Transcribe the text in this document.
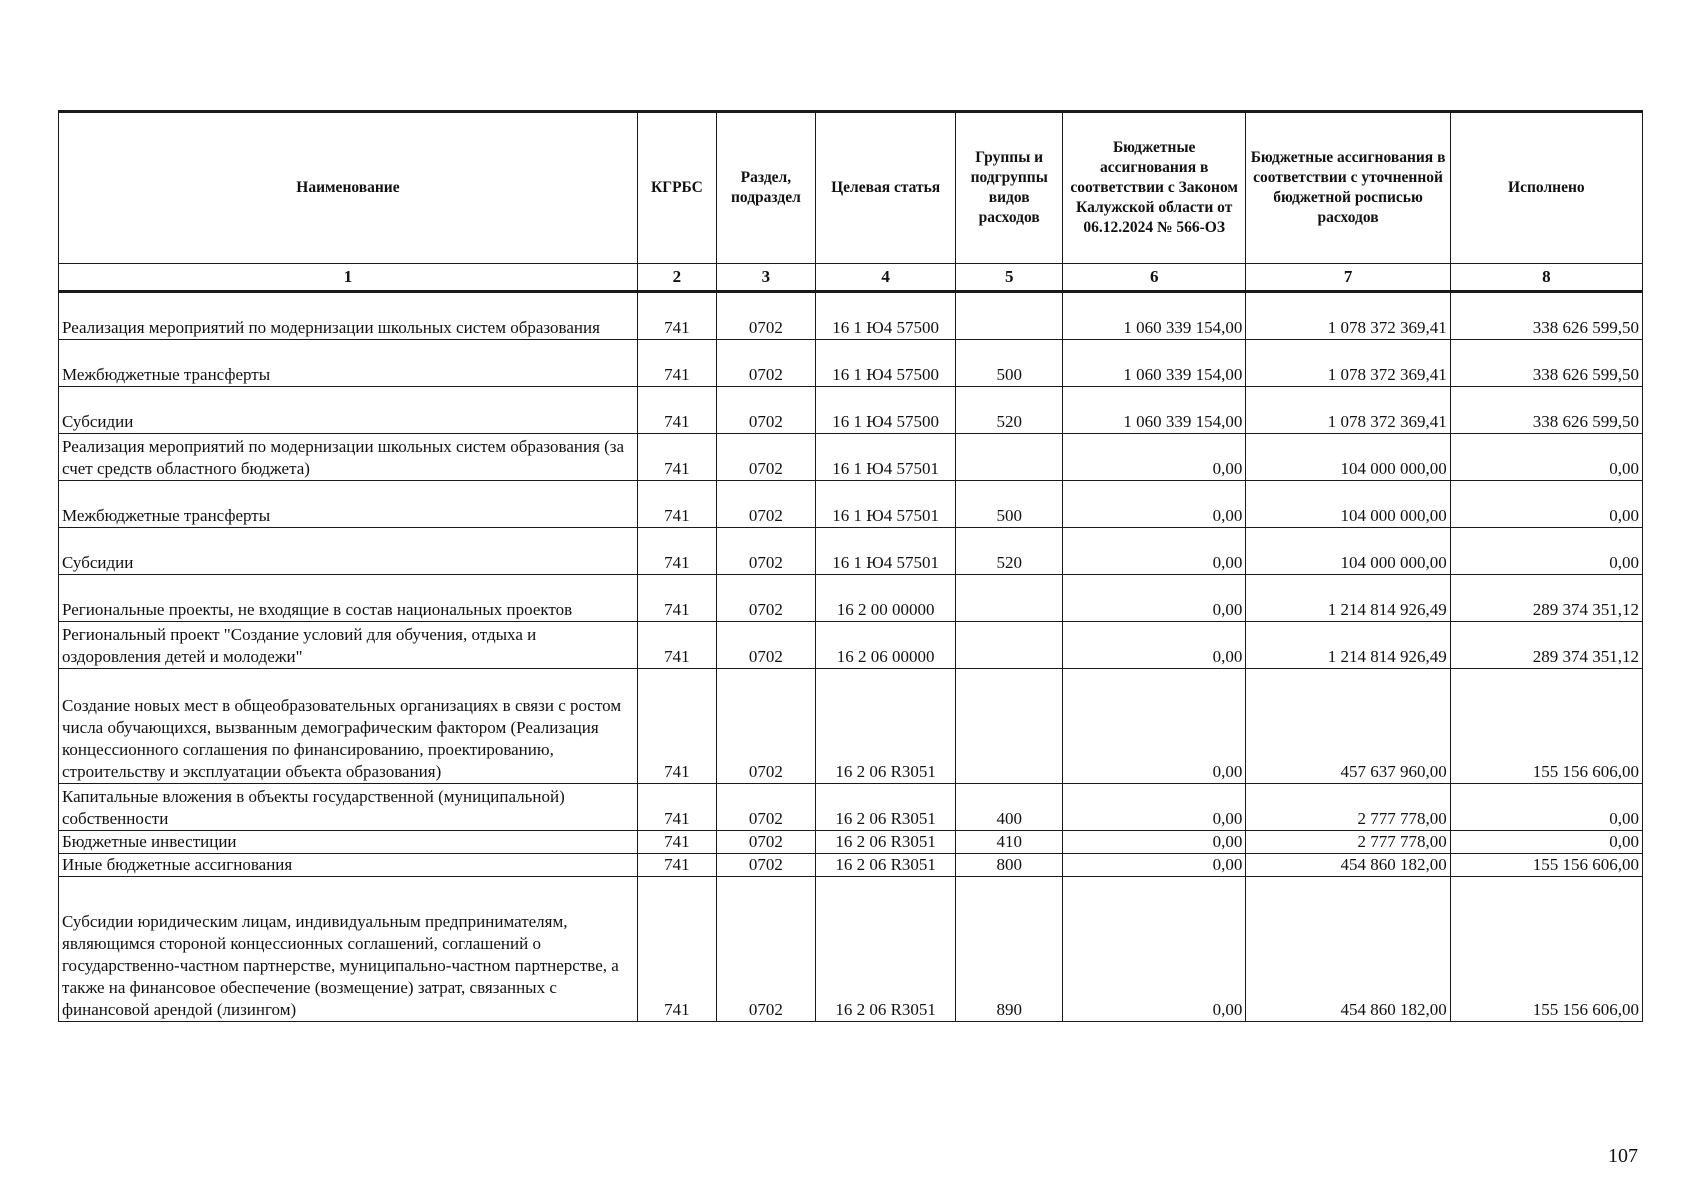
Наименование	КГРБС	Раздел, подраздел	Целевая статья	Группы и подгруппы видов расходов	Бюджетные ассигнования в соответствии с Законом Калужской области от 06.12.2024 № 566-ОЗ	Бюджетные ассигнования в соответствии с уточненной бюджетной росписью расходов	Исполнено
1	2	3	4	5	6	7	8
Реализация мероприятий по модернизации школьных систем образования	741	0702	16 1 Ю4 57500		1 060 339 154,00	1 078 372 369,41	338 626 599,50
Межбюджетные трансферты	741	0702	16 1 Ю4 57500	500	1 060 339 154,00	1 078 372 369,41	338 626 599,50
Субсидии	741	0702	16 1 Ю4 57500	520	1 060 339 154,00	1 078 372 369,41	338 626 599,50
Реализация мероприятий по модернизации школьных систем образования (за счет средств областного бюджета)	741	0702	16 1 Ю4 57501		0,00	104 000 000,00	0,00
Межбюджетные трансферты	741	0702	16 1 Ю4 57501	500	0,00	104 000 000,00	0,00
Субсидии	741	0702	16 1 Ю4 57501	520	0,00	104 000 000,00	0,00
Региональные проекты, не входящие в состав национальных проектов	741	0702	16 2 00 00000		0,00	1 214 814 926,49	289 374 351,12
Региональный проект "Создание условий для обучения, отдыха и оздоровления детей и молодежи"	741	0702	16 2 06 00000		0,00	1 214 814 926,49	289 374 351,12
Создание новых мест в общеобразовательных организациях в связи с ростом числа обучающихся, вызванным демографическим фактором (Реализация концессионного соглашения по финансированию, проектированию, строительству и эксплуатации объекта образования)	741	0702	16 2 06 R3051		0,00	457 637 960,00	155 156 606,00
Капитальные вложения в объекты государственной (муниципальной) собственности	741	0702	16 2 06 R3051	400	0,00	2 777 778,00	0,00
Бюджетные инвестиции	741	0702	16 2 06 R3051	410	0,00	2 777 778,00	0,00
Иные бюджетные ассигнования	741	0702	16 2 06 R3051	800	0,00	454 860 182,00	155 156 606,00
Субсидии юридическим лицам, индивидуальным предпринимателям, являющимся стороной концессионных соглашений, соглашений о государственно-частном партнерстве, муниципально-частном партнерстве, а также на финансовое обеспечение (возмещение) затрат, связанных с финансовой арендой (лизингом)	741	0702	16 2 06 R3051	890	0,00	454 860 182,00	155 156 606,00
107
